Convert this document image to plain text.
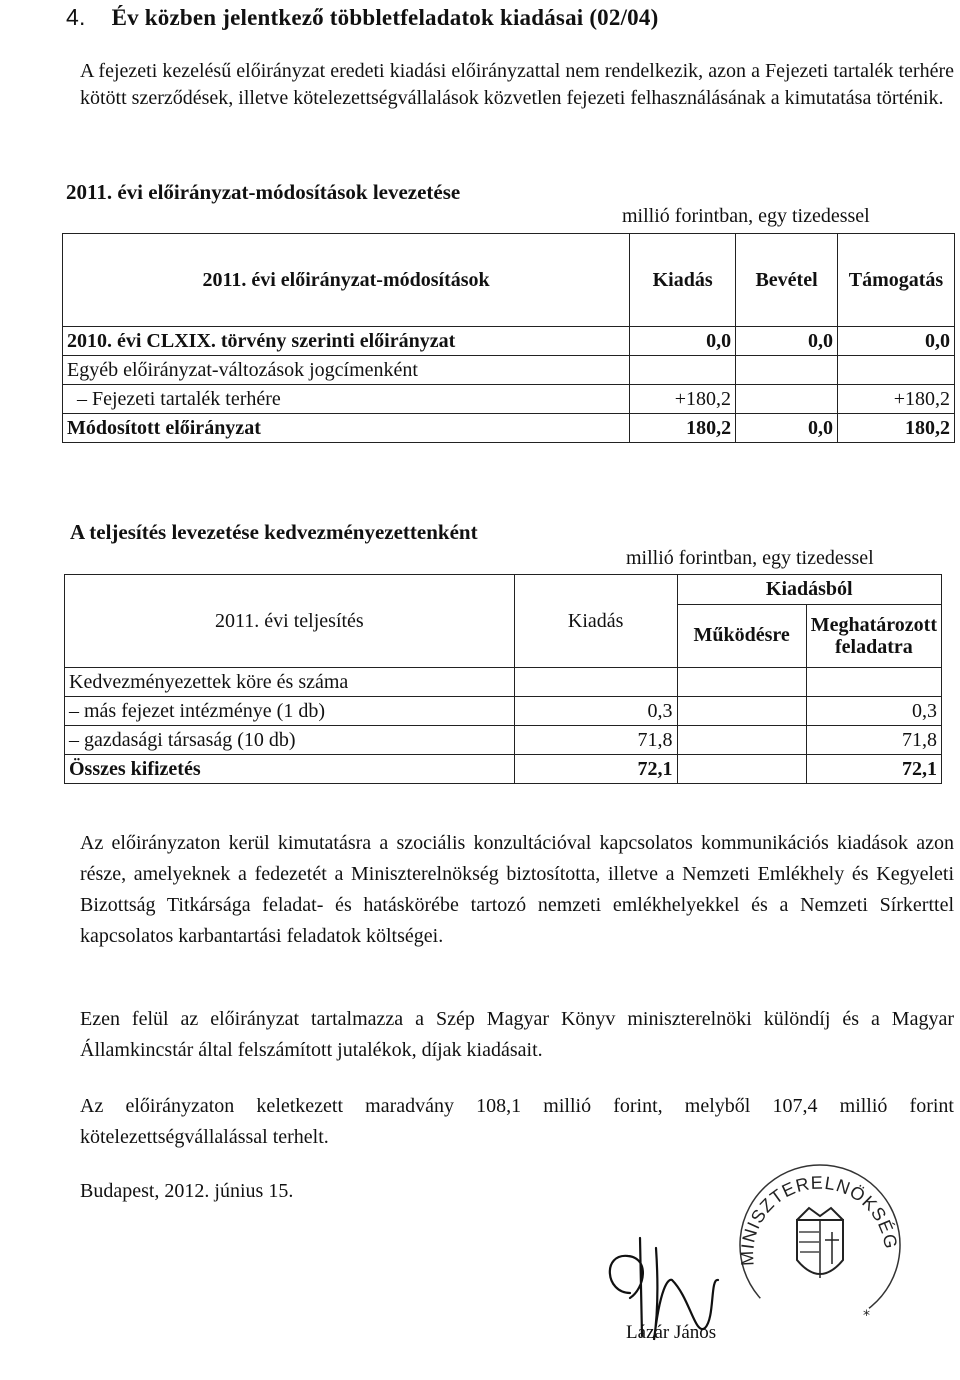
4. Év közben jelentkező többletfeladatok kiadásai (02/04)
A fejezeti kezelésű előirányzat eredeti kiadási előirányzattal nem rendelkezik, azon a Fejezeti tartalék terhére kötött szerződések, illetve kötelezettségvállalások közvetlen fejezeti felhasználásának a kimutatása történik.
2011. évi előirányzat-módosítások levezetése
millió forintban, egy tizedessel
2011. évi előirányzat-módosítások	Kiadás	Bevétel	Támogatás
2010. évi CLXIX. törvény szerinti előirányzat	0,0	0,0	0,0
Egyéb előirányzat-változások jogcímenként			
– Fejezeti tartalék terhére	+180,2		+180,2
Módosított előirányzat	180,2	0,0	180,2
A teljesítés levezetése kedvezményezettenként
millió forintban, egy tizedessel
2011. évi teljesítés	Kiadás	Kiadásból	
		Működésre	Meghatározott feladatra
Kedvezményezettek köre és száma			
– más fejezet intézménye (1 db)	0,3		0,3
– gazdasági társaság (10 db)	71,8		71,8
Összes kifizetés	72,1		72,1
Az előirányzaton kerül kimutatásra a szociális konzultációval kapcsolatos kommunikációs kiadások azon része, amelyeknek a fedezetét a Miniszterelnökség biztosította, illetve a Nemzeti Emlékhely és Kegyeleti Bizottság Titkársága feladat- és hatáskörébe tartozó nemzeti emlékhelyekkel és a Nemzeti Sírkerttel kapcsolatos karbantartási feladatok költségei.
Ezen felül az előirányzat tartalmazza a Szép Magyar Könyv miniszterelnöki különdíj és a Magyar Államkincstár által felszámított jutalékok, díjak kiadásait.
Az előirányzaton keletkezett maradvány 108,1 millió forint, melyből 107,4 millió forint kötelezettségvállalással terhelt.
Budapest, 2012. június 15.
MINISZTERELNÖKSÉG
*
Lázár János
